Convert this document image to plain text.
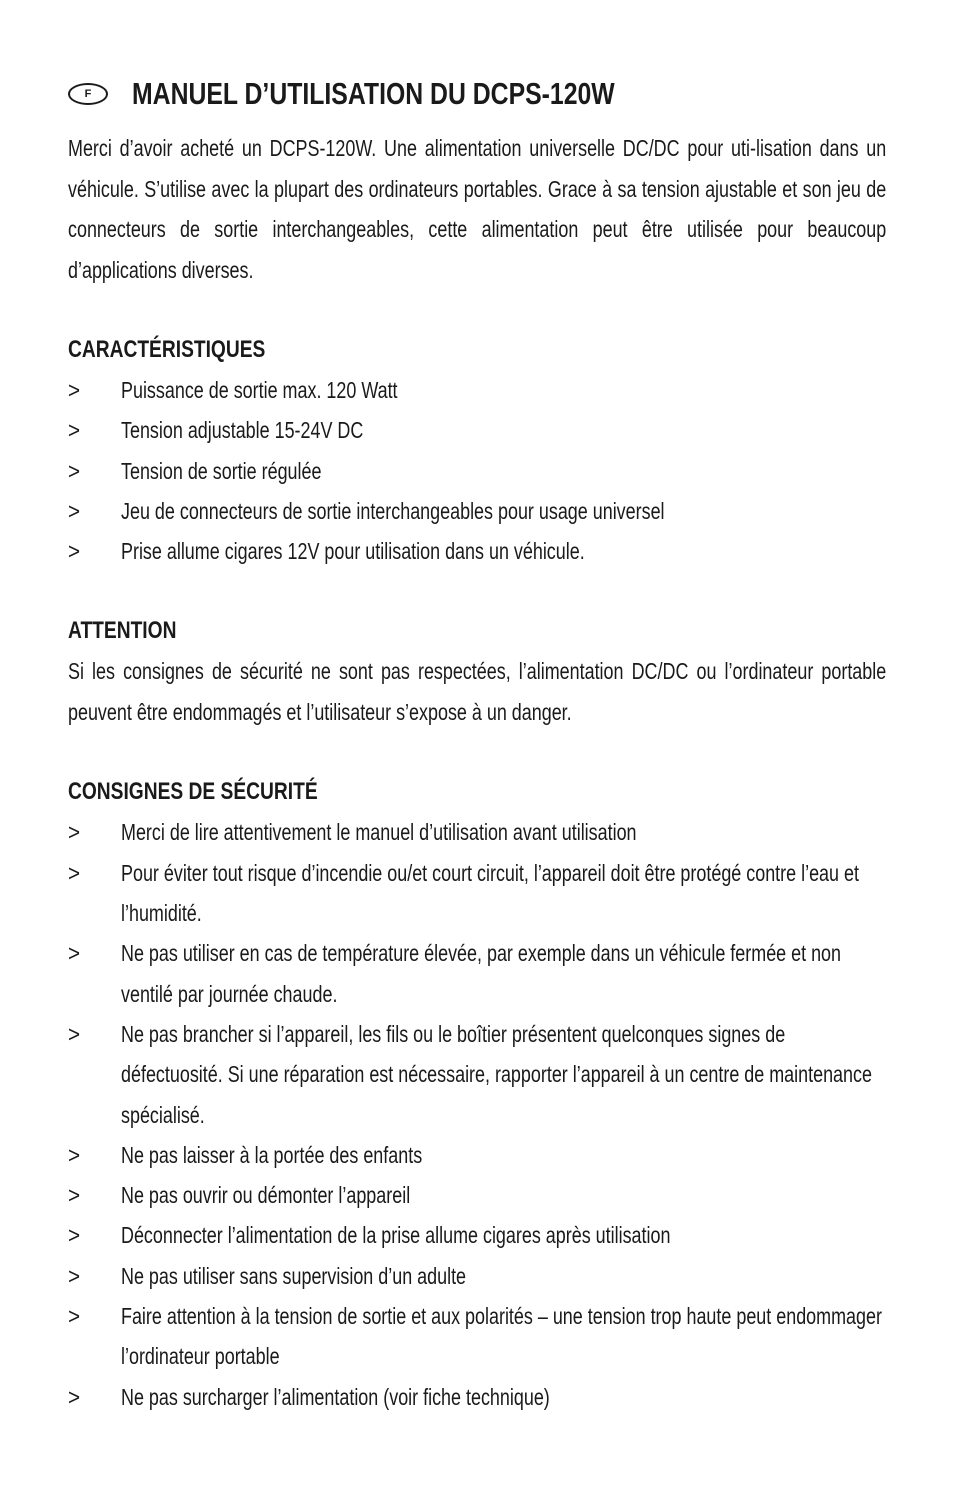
F	MANUEL D’UTILISATION DU DCPS-120W

Merci d’avoir acheté un DCPS-120W. Une alimentation universelle DC/DC pour uti-lisation dans un véhicule. S’utilise avec la plupart des ordinateurs portables. Grace à sa tension ajustable et son jeu de connecteurs de sortie interchangeables, cette alimentation peut être utilisée pour beaucoup d’applications diverses.

CARACTÉRISTIQUES
> Puissance de sortie max. 120 Watt
> Tension adjustable 15-24V DC
> Tension de sortie régulée
> Jeu de connecteurs de sortie interchangeables pour usage universel
> Prise allume cigares 12V pour utilisation dans un véhicule.
ATTENTION

Si les consignes de sécurité ne sont pas respectées, l’alimentation DC/DC ou l’ordinateur portable peuvent être endommagés et l’utilisateur s’expose à un danger.

CONSIGNES DE SÉCURITÉ
> Merci de lire attentivement le manuel d’utilisation avant utilisation
> Pour éviter tout risque d’incendie ou/et court circuit, l’appareil doit être protégé contre l’eau et l’humidité.
> Ne pas utiliser en cas de température élevée, par exemple dans un véhicule fermée et non ventilé par journée chaude.
> Ne pas brancher si l’appareil, les fils ou le boîtier présentent quelconques signes de défectuosité. Si une réparation est nécessaire, rapporter l’appareil à un centre de maintenance spécialisé.
> Ne pas laisser à la portée des enfants
> Ne pas ouvrir ou démonter l’appareil
> Déconnecter l’alimentation de la prise allume cigares après utilisation
> Ne pas utiliser sans supervision d’un adulte
> Faire attention à la tension de sortie et aux polarités – une tension trop haute peut endommager l’ordinateur portable
> Ne pas surcharger l’alimentation (voir fiche technique)
